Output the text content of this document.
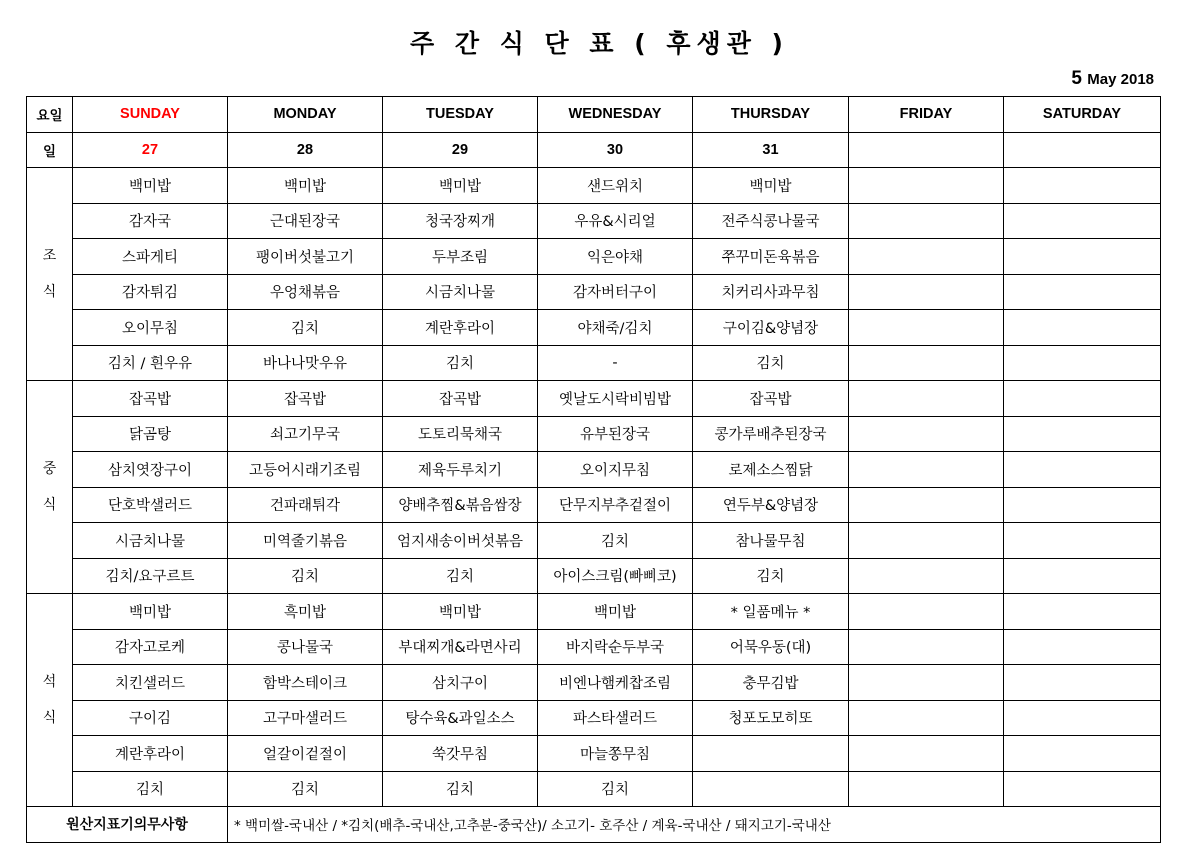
주 간 식 단 표 ( 후생관 )
5 May 2018
요일	SUNDAY	MONDAY	TUESDAY	WEDNESDAY	THURSDAY	FRIDAY	SATURDAY
일	27	28	29	30	31		

조
식	백미밥	백미밥	백미밥	샌드위치	백미밥		
	감자국	근대된장국	청국장찌개	우유&시리얼	전주식콩나물국		
	스파게티	팽이버섯불고기	두부조림	익은야채	쭈꾸미돈육볶음		
	감자튀김	우엉채볶음	시금치나물	감자버터구이	치커리사과무침		
	오이무침	김치	계란후라이	야채죽/김치	구이김&양념장		
	김치 / 흰우유	바나나맛우유	김치	-	김치		

중
식	잡곡밥	잡곡밥	잡곡밥	옛날도시락비빔밥	잡곡밥		
	닭곰탕	쇠고기무국	도토리묵채국	유부된장국	콩가루배추된장국		
	삼치엿장구이	고등어시래기조림	제육두루치기	오이지무침	로제소스찜닭		
	단호박샐러드	건파래튀각	양배추찜&볶음쌈장	단무지부추겉절이	연두부&양념장		
	시금치나물	미역줄기볶음	엄지새송이버섯볶음	김치	참나물무침		
	김치/요구르트	김치	김치	아이스크림(빠삐코)	김치		

석
식	백미밥	흑미밥	백미밥	백미밥	* 일품메뉴 *		
	감자고로케	콩나물국	부대찌개&라면사리	바지락순두부국	어묵우동(대)		
	치킨샐러드	함박스테이크	삼치구이	비엔나햄케찹조림	충무김밥		
	구이김	고구마샐러드	탕수육&과일소스	파스타샐러드	청포도모히또		
	계란후라이	얼갈이겉절이	쑥갓무침	마늘쫑무침			
	김치	김치	김치	김치			
원산지표기의무사항		* 백미쌀-국내산 / *김치(배추-국내산,고추분-중국산)/ 소고기- 호주산 / 계육-국내산 / 돼지고기-국내산					
